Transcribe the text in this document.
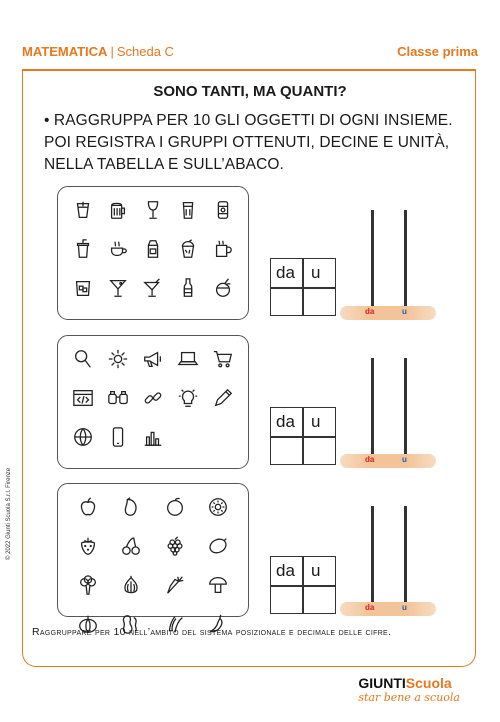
MATEMATICA | Scheda C	Classe prima
SONO TANTI, MA QUANTI?
• RAGGRUPPA PER 10 GLI OGGETTI DI OGNI INSIEME. POI REGISTRA I GRUPPI OTTENUTI, DECINE E UNITÀ, NELLA TABELLA E SULL’ABACO.
da u
da	u
da u
da	u
da u
da	u
Raggruppare per 10 nell’ambito del sistema posizionale e decimale delle cifre.
© 2022 Giunti Scuola S.r.l. Firenze
GIUNTIScuola
star bene a scuola
